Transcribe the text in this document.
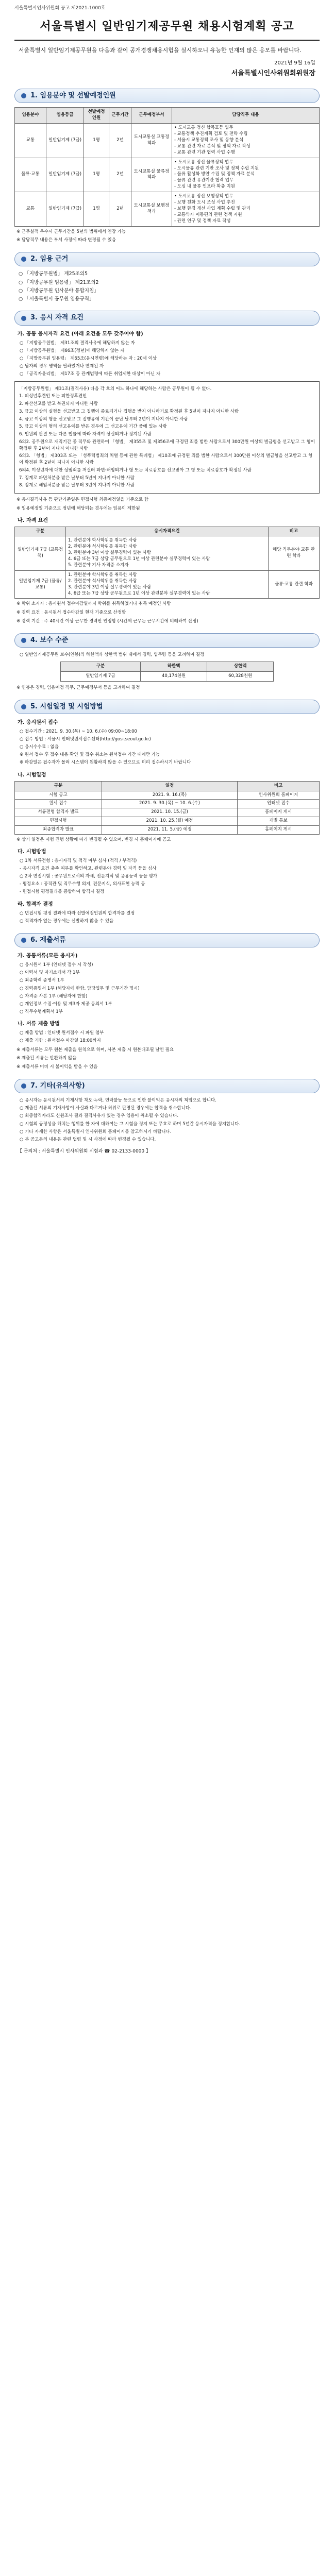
서울특별시인사위원회 공고 제2021-1000호
서울특별시 일반임기제공무원 채용시험계획 공고
서울특별시 일반임기제공무원을 다음과 같이 공개경쟁채용시험을 실시하오니 유능한 인재의 많은 응모를 바랍니다.
2021년 9월 16일
서울특별시인사위원회위원장
1. 임용분야 및 선발예정인원
임용분야	임용등급	선발예정인원	근무기간	근무예정부서	담당직무 내용
교통	일반임기제 (7급)	1명	2년	도시교통실 교통정책과	• 도시교통 정신 합목표등 업무
- 교통정책 추진계획 검토 및 전략 수립
- 서울시 교통정책 조사 및 동향 분석
- 교통 관련 자료 분석 및 정책 자료 작성
- 교통 관련 기관 협력 사업 수행
물류·교통	일반임기제 (7급)	1명	2년	도시교통실 물류정책과	• 도시교통 정신 물류정책 업무
- 도시물류 관련 기반 조사 및 정책 수립 지원
- 물류 활성화 방안 수립 및 정책 자료 분석
- 물류 관련 유관기관 협력 업무
- 도심 내 물류 인프라 확충 지원
교통	일반임기제 (7급)	1명	2년	도시교통실 보행정책과	• 도시교통 정신 보행정책 업무
- 보행 친화 도시 조성 사업 추진
- 보행 환경 개선 사업 계획 수립 및 관리
- 교통약자 이동편의 관련 정책 지원
- 관련 연구 및 정책 자료 작성
※ 근무실적 우수시 근무기간을 5년의 범위에서 연장 가능
※ 담당직무 내용은 부서 사정에 따라 변경될 수 있음
2. 임용 근거
○ 「지방공무원법」 제25조의5
○ 「지방공무원 임용령」 제21조의2
○ 「지방공무원 인사분야 통합지침」
○ 「서울특별시 공무원 임용규칙」
3. 응시 자격 요건
가. 공통 응시자격 요건 (아래 요건을 모두 갖추어야 함)
○ 「지방공무원법」 제31조의 결격사유에 해당하지 않는 자
○ 「지방공무원법」 제66조(정년)에 해당하지 않는 자
○ 「지방공무원 임용령」 제65조(응시연령)에 해당하는 자 : 20세 이상
○ 남자의 경우 병역을 필하였거나 면제된 자
○ 「공직자윤리법」 제17조 등 관계법령에 따른 취업제한 대상이 아닌 자

「지방공무원법」 제31조(결격사유) 다음 각 호의 어느 하나에 해당하는 사람은 공무원이 될 수 없다.

1. 피성년후견인 또는 피한정후견인

2. 파산선고를 받고 복권되지 아니한 사람

3. 금고 이상의 실형을 선고받고 그 집행이 종료되거나 집행을 받지 아니하기로 확정된 후 5년이 지나지 아니한 사람

4. 금고 이상의 형을 선고받고 그 집행유예 기간이 끝난 날부터 2년이 지나지 아니한 사람

5. 금고 이상의 형의 선고유예를 받은 경우에 그 선고유예 기간 중에 있는 사람

6. 법원의 판결 또는 다른 법률에 따라 자격이 상실되거나 정지된 사람

6의2. 공무원으로 재직기간 중 직무와 관련하여 「형법」 제355조 및 제356조에 규정된 죄를 범한 사람으로서 300만원 이상의 벌금형을 선고받고 그 형이 확정된 후 2년이 지나지 아니한 사람

6의3. 「형법」 제303조 또는 「성폭력범죄의 처벌 등에 관한 특례법」 제10조에 규정된 죄를 범한 사람으로서 300만원 이상의 벌금형을 선고받고 그 형이 확정된 후 2년이 지나지 아니한 사람

6의4. 미성년자에 대한 성범죄를 저질러 파면·해임되거나 형 또는 치료감호를 선고받아 그 형 또는 치료감호가 확정된 사람

7. 징계로 파면처분을 받은 날부터 5년이 지나지 아니한 사람

8. 징계로 해임처분을 받은 날부터 3년이 지나지 아니한 사람

※ 응시결격사유 등 판단기준일은 면접시험 최종예정일을 기준으로 함
※ 임용예정일 기준으로 정년에 해당되는 경우에는 임용이 제한됨
나. 자격 요건
구분	응시자격요건	비고
일반임기제 7급 (교통정책)	1. 관련분야 학사학위를 취득한 사람
2. 관련분야 석사학위를 취득한 사람
3. 관련분야 3년 이상 실무경력이 있는 사람
4. 6급 또는 7급 상당 공무원으로 1년 이상 관련분야 실무경력이 있는 사람
5. 관련분야 기사 자격증 소지자	해당 직무분야 교통 관련 학과
일반임기제 7급 (물류/교통)	1. 관련분야 학사학위를 취득한 사람
2. 관련분야 석사학위를 취득한 사람
3. 관련분야 3년 이상 실무경력이 있는 사람
4. 6급 또는 7급 상당 공무원으로 1년 이상 관련분야 실무경력이 있는 사람	물류·교통 관련 학과
※ 학위 소지자 : 응시원서 접수마감일까지 학위를 취득하였거나 취득 예정인 사람
※ 경력 요건 : 응시원서 접수마감일 현재 기준으로 산정함
※ 경력 기간 : 주 40시간 이상 근무한 경력만 인정함 (시간제 근무는 근무시간에 비례하여 산정)
4. 보수 수준
○ 일반임기제공무원 보수(연봉)의 하한액과 상한액 범위 내에서 경력, 업무량 등을 고려하여 결정
구분	하한액	상한액
일반임기제 7급	40,174천원	60,328천원
※ 연봉은 경력, 임용예정 직무, 근무예정부서 등을 고려하여 결정
5. 시험일정 및 시험방법
가. 응시원서 접수
○ 접수기간 : 2021. 9. 30.(목) ~ 10. 6.(수) 09:00~18:00
○ 접수 방법 : 서울시 인터넷원서접수센터(http://gosi.seoul.go.kr)
○ 응시수수료 : 없음
※ 원서 접수 후 접수 내용 확인 및 접수 취소는 원서접수 기간 내에만 가능
※ 마감일은 접수자가 몰려 시스템이 원활하지 않을 수 있으므로 미리 접수하시기 바랍니다
나. 시험일정
구분	일정	비고
시험 공고	2021. 9. 16.(목)	인사위원회 홈페이지
원서 접수	2021. 9. 30.(목) ~ 10. 6.(수)	인터넷 접수
서류전형 합격자 발표	2021. 10. 15.(금)	홈페이지 게시
면접시험	2021. 10. 25.(월) 예정	개별 통보
최종합격자 발표	2021. 11. 5.(금) 예정	홈페이지 게시
※ 상기 일정은 시험 진행 상황에 따라 변경될 수 있으며, 변경 시 홈페이지에 공고
다. 시험방법
○ 1차 서류전형 : 응시자격 및 적격 여부 심사 (적격 / 부적격)
- 응시자격 요건 충족 여부를 확인하고, 관련분야 경력 및 자격 등을 심사
○ 2차 면접시험 : 공무원으로서의 자세, 전문지식 및 응용능력 등을 평가
- 평정요소 : 공직관 및 직무수행 의지, 전문지식, 의사표현 능력 등
- 면접시험 평정결과를 종합하여 합격자 결정
라. 합격자 결정
○ 면접시험 평정 결과에 따라 선발예정인원의 합격자를 결정
○ 적격자가 없는 경우에는 선발하지 않을 수 있음
6. 제출서류
가. 공통서류(모든 응시자)
○ 응시원서 1부 (인터넷 접수 시 작성)
○ 이력서 및 자기소개서 각 1부
○ 최종학력 증명서 1부
○ 경력증명서 1부 (해당자에 한함, 담당업무 및 근무기간 명시)
○ 자격증 사본 1부 (해당자에 한함)
○ 개인정보 수집·이용 및 제3자 제공 동의서 1부
○ 직무수행계획서 1부
나. 서류 제출 방법
○ 제출 방법 : 인터넷 원서접수 시 파일 첨부
○ 제출 기한 : 원서접수 마감일 18:00까지
※ 제출서류는 모두 원본 제출을 원칙으로 하며, 사본 제출 시 원본대조필 날인 필요
※ 제출된 서류는 반환하지 않음
※ 제출서류 미비 시 불이익을 받을 수 있음
7. 기타(유의사항)
○ 응시자는 응시원서의 기재사항 착오·누락, 연락불능 등으로 인한 불이익은 응시자의 책임으로 합니다.
○ 제출된 서류의 기재사항이 사실과 다르거나 허위로 판명된 경우에는 합격을 취소합니다.
○ 최종합격자라도 신원조사 결과 결격사유가 있는 경우 임용이 취소될 수 있습니다.
○ 시험의 공정성을 해치는 행위를 한 자에 대하여는 그 시험을 정지 또는 무효로 하며 5년간 응시자격을 정지합니다.
○ 기타 자세한 사항은 서울특별시 인사위원회 홈페이지를 참고하시기 바랍니다.
○ 본 공고문의 내용은 관련 법령 및 시 사정에 따라 변경될 수 있습니다.
【 문의처 : 서울특별시 인사위원회 시험과 ☎ 02-2133-0000 】
